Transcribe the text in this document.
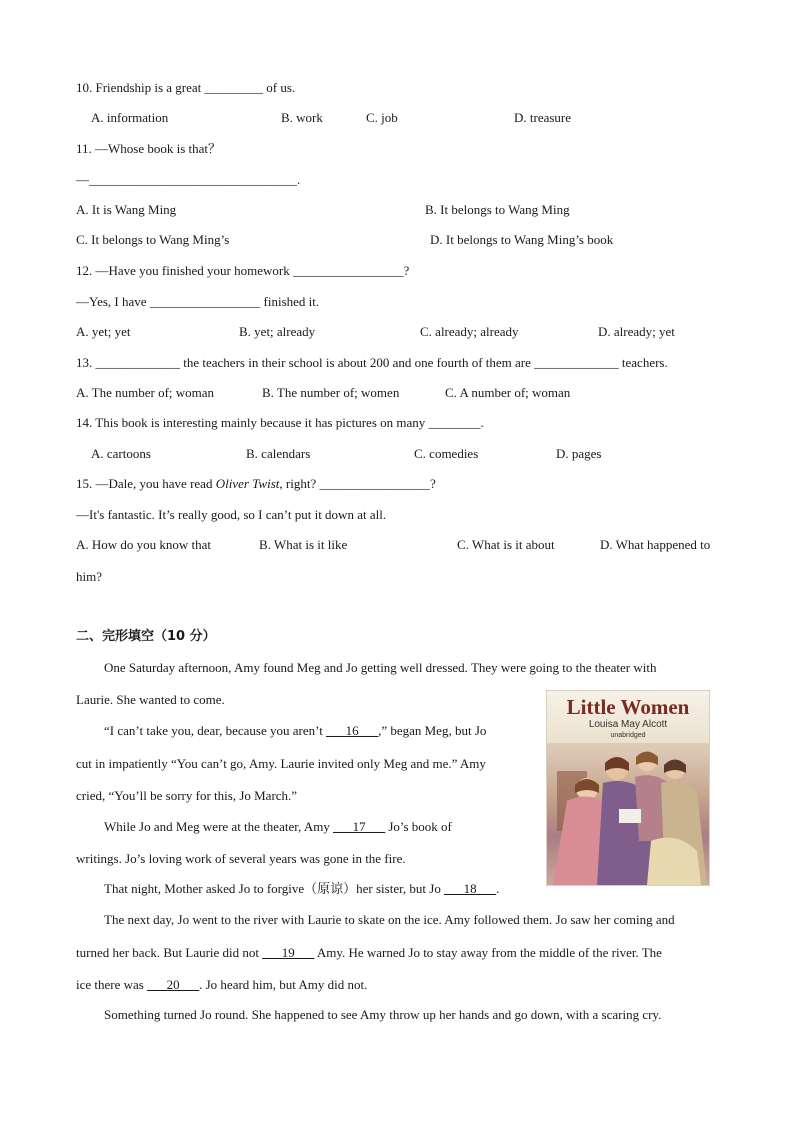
10. Friendship is a great _________ of us.
A. information	B. work	C. job	D. treasure
11. —Whose book is that？
—________________________________.
A. It is Wang Ming	B. It belongs to Wang Ming
C. It belongs to Wang Ming’s	D. It belongs to Wang Ming’s book
12. —Have you finished your homework _________________?
—Yes, I have _________________ finished it.
A. yet; yet	B. yet; already	C. already; already	D. already; yet
13. _____________ the teachers in their school is about 200 and one fourth of them are _____________ teachers.
A. The number of; woman	B. The number of; women	C. A number of; woman
14. This book is interesting mainly because it has pictures on many ________.
A. cartoons	B. calendars	C. comedies	D. pages
15. —Dale, you have read Oliver Twist, right? _________________?
—It's fantastic. It’s really good, so I can’t put it down at all.
A. How do you know that	B. What is it like	C. What is it about	D. What happened to
him?
二、完形填空（10 分）
One Saturday afternoon, Amy found Meg and Jo getting well dressed. They were going to the theater with
Laurie. She wanted to come.
“I can’t take you, dear, because you aren’t ___16___,” began Meg, but Jo
cut in impatiently “You can’t go, Amy. Laurie invited only Meg and me.” Amy
cried, “You’ll be sorry for this, Jo March.”
While Jo and Meg were at the theater, Amy ___17___ Jo’s book of
writings. Jo’s loving work of several years was gone in the fire.
That night, Mother asked Jo to forgive（原谅）her sister, but Jo ___18___.
The next day, Jo went to the river with Laurie to skate on the ice. Amy followed them. Jo saw her coming and
turned her back. But Laurie did not ___19___ Amy. He warned Jo to stay away from the middle of the river. The
ice there was ___20___. Jo heard him, but Amy did not.
Something turned Jo round. She happened to see Amy throw up her hands and go down, with a scaring cry.
Little Women
Louisa May Alcott
unabridged
